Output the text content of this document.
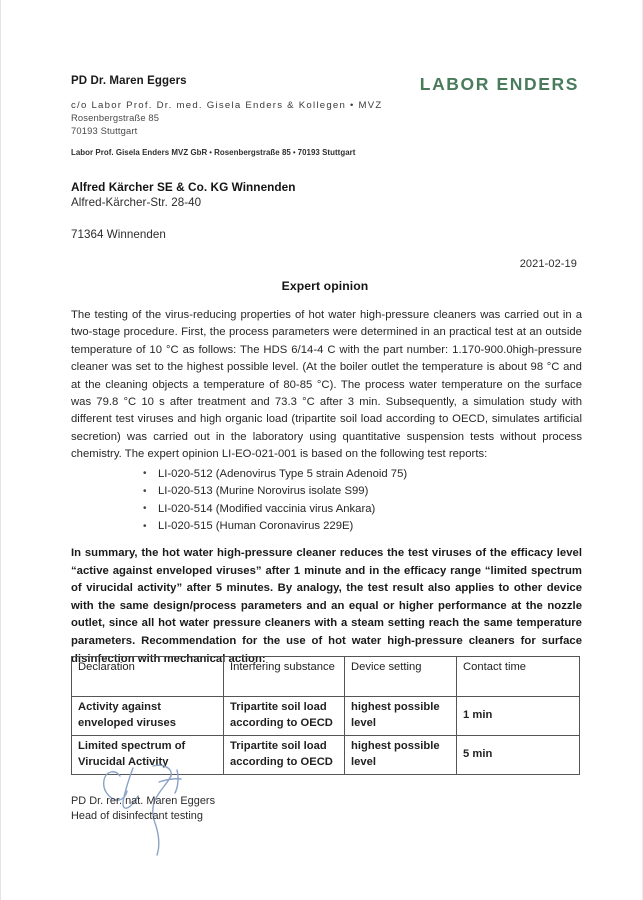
PD Dr. Maren Eggers
c/o Labor Prof. Dr. med. Gisela Enders & Kollegen • MVZ
Rosenbergstraße 85
70193 Stuttgart
LABOR ENDERS
Labor Prof. Gisela Enders MVZ GbR • Rosenbergstraße 85 • 70193 Stuttgart
Alfred Kärcher SE & Co. KG Winnenden
Alfred-Kärcher-Str. 28-40
71364 Winnenden
2021-02-19
Expert opinion

The testing of the virus-reducing properties of hot water high-pressure cleaners was carried out in a two-stage procedure. First, the process parameters were determined in an practical test at an outside temperature of 10 °C as follows: The HDS 6/14-4 C with the part number: 1.170-900.0high-pressure cleaner was set to the highest possible level. (At the boiler outlet the temperature is about 98 °C and at the cleaning objects a temperature of 80-85 °C). The process water temperature on the surface was 79.8 °C 10 s after treatment and 73.3 °C after 3 min. Subsequently, a simulation study with different test viruses and high organic load (tripartite soil load according to OECD, simulates artificial secretion) was carried out in the laboratory using quantitative suspension tests without process chemistry. The expert opinion LI-EO-021-001 is based on the following test reports:

• LI-020-512 (Adenovirus Type 5 strain Adenoid 75)
• LI-020-513 (Murine Norovirus isolate S99)
• LI-020-514 (Modified vaccinia virus Ankara)
• LI-020-515 (Human Coronavirus 229E)

In summary, the hot water high-pressure cleaner reduces the test viruses of the efficacy level “active against enveloped viruses” after 1 minute and in the efficacy range “limited spectrum of virucidal activity” after 5 minutes. By analogy, the test result also applies to other device with the same design/process parameters and an equal or higher performance at the nozzle outlet, since all hot water pressure cleaners with a steam setting reach the same temperature parameters. Recommendation for the use of hot water high-pressure cleaners for surface disinfection with mechanical action:

Declaration	Interfering substance	Device setting	Contact time
Activity against enveloped viruses	Tripartite soil load according to OECD	highest possible level	1 min
Limited spectrum of Virucidal Activity	Tripartite soil load according to OECD	highest possible level	5 min
PD Dr. rer. nat. Maren Eggers
Head of disinfectant testing
